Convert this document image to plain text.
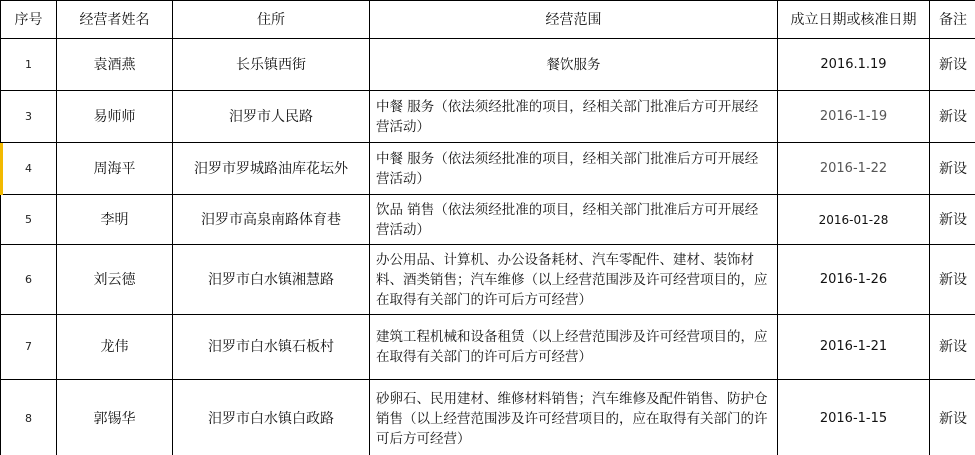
序号	经营者姓名	住所	经营范围	成立日期或核准日期	备注
1	袁酒燕	长乐镇西街	餐饮服务	2016.1.19	新设
3	易师师	汨罗市人民路	中餐 服务（依法须经批准的项目，经相关部门批准后方可开展经营活动）	2016-1-19	新设
4	周海平	汨罗市罗城路油库花坛外	中餐 服务（依法须经批准的项目，经相关部门批准后方可开展经营活动）	2016-1-22	新设
5	李明	汨罗市高泉南路体育巷	饮品 销售（依法须经批准的项目，经相关部门批准后方可开展经营活动）	2016-01-28	新设
6	刘云德	汨罗市白水镇湘慧路	办公用品、计算机、办公设备耗材、汽车零配件、建材、装饰材料、酒类销售；汽车维修（以上经营范围涉及许可经营项目的，应在取得有关部门的许可后方可经营）	2016-1-26	新设
7	龙伟	汨罗市白水镇石板村	建筑工程机械和设备租赁（以上经营范围涉及许可经营项目的，应在取得有关部门的许可后方可经营）	2016-1-21	新设
8	郭锡华	汨罗市白水镇白政路	砂卵石、民用建材、维修材料销售；汽车维修及配件销售、防护仓销售（以上经营范围涉及许可经营项目的，应在取得有关部门的许可后方可经营）	2016-1-15	新设
